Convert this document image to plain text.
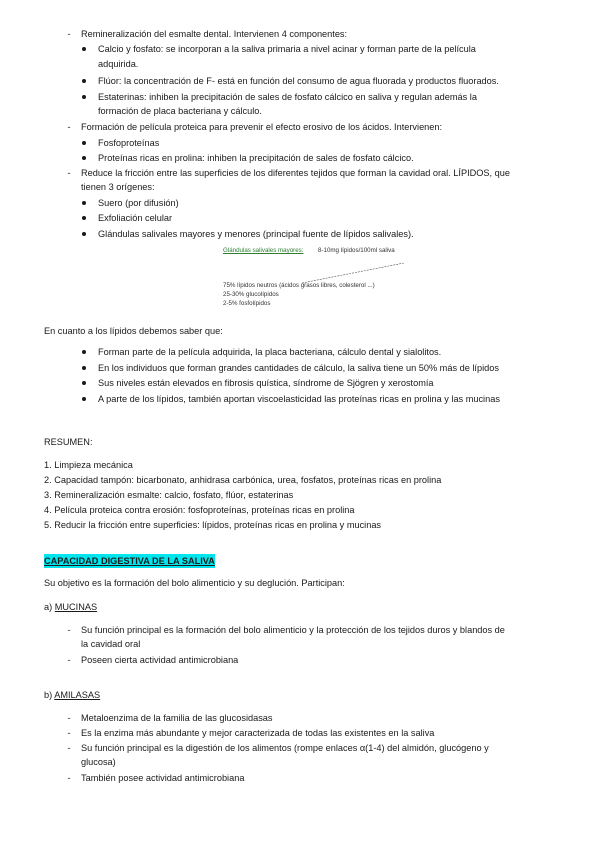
-	Remineralización del esmalte dental. Intervienen 4 componentes:
Calcio y fosfato: se incorporan a la saliva primaria a nivel acinar y forman parte de la película
adquirida.
Flúor: la concentración de F- está en función del consumo de agua fluorada y productos fluorados.
Estaterinas: inhiben la precipitación de sales de fosfato cálcico en saliva y regulan además la
formación de placa bacteriana y cálculo.
-	Formación de película proteica para prevenir el efecto erosivo de los ácidos. Intervienen:
Fosfoproteínas
Proteínas ricas en prolina: inhiben la precipitación de sales de fosfato cálcico.
-	Reduce la fricción entre las superficies de los diferentes tejidos que forman la cavidad oral. LÍPIDOS, que
tienen 3 orígenes:
Suero (por difusión)
Exfoliación celular
Glándulas salivales mayores y menores (principal fuente de lípidos salivales).
Glándulas salivales mayores: 8-10mg lípidos/100ml saliva
75% lípidos neutros (ácidos grasos libres, colesterol ...)
25-30% glucolípidos
2-5% fosfolípidos
En cuanto a los lípidos debemos saber que:
Forman parte de la película adquirida, la placa bacteriana, cálculo dental y sialolitos.
En los individuos que forman grandes cantidades de cálculo, la saliva tiene un 50% más de lípidos
Sus niveles están elevados en fibrosis quística, síndrome de Sjögren y xerostomía
A parte de los lípidos, también aportan viscoelasticidad las proteínas ricas en prolina y las mucinas
RESUMEN:
1. Limpieza mecánica
2. Capacidad tampón: bicarbonato, anhidrasa carbónica, urea, fosfatos, proteínas ricas en prolina
3. Remineralización esmalte: calcio, fosfato, flúor, estaterinas
4. Película proteica contra erosión: fosfoproteínas, proteínas ricas en prolina
5. Reducir la fricción entre superficies: lípidos, proteínas ricas en prolina y mucinas
CAPACIDAD DIGESTIVA DE LA SALIVA
Su objetivo es la formación del bolo alimenticio y su deglución. Participan:
a) MUCINAS
-	Su función principal es la formación del bolo alimenticio y la protección de los tejidos duros y blandos de
la cavidad oral
-	Poseen cierta actividad antimicrobiana
b) AMILASAS
-	Metaloenzima de la familia de las glucosidasas
-	Es la enzima más abundante y mejor caracterizada de todas las existentes en la saliva
-	Su función principal es la digestión de los alimentos (rompe enlaces α(1-4) del almidón, glucógeno y
glucosa)
-	También posee actividad antimicrobiana
